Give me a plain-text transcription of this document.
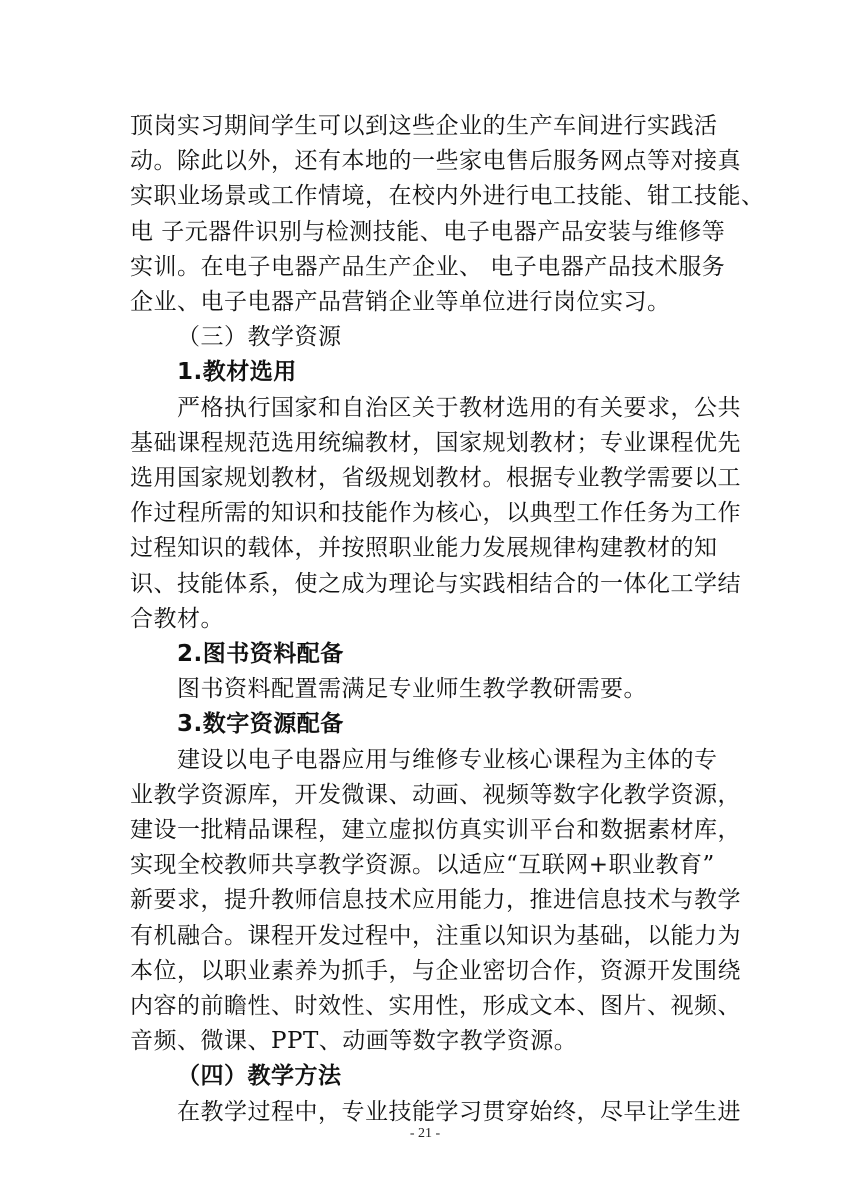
顶岗实习期间学生可以到这些企业的生产车间进行实践活
动。除此以外，还有本地的一些家电售后服务网点等对接真
实职业场景或工作情境，在校内外进行电工技能、钳工技能、
电 子元器件识别与检测技能、电子电器产品安装与维修等
实训。在电子电器产品生产企业、 电子电器产品技术服务
企业、电子电器产品营销企业等单位进行岗位实习。
（三）教学资源
1.教材选用
严格执行国家和自治区关于教材选用的有关要求，公共
基础课程规范选用统编教材，国家规划教材；专业课程优先
选用国家规划教材，省级规划教材。根据专业教学需要以工
作过程所需的知识和技能作为核心，以典型工作任务为工作
过程知识的载体，并按照职业能力发展规律构建教材的知
识、技能体系，使之成为理论与实践相结合的一体化工学结
合教材。
2.图书资料配备
图书资料配置需满足专业师生教学教研需要。
3.数字资源配备
建设以电子电器应用与维修专业核心课程为主体的专
业教学资源库，开发微课、动画、视频等数字化教学资源，
建设一批精品课程，建立虚拟仿真实训平台和数据素材库，
实现全校教师共享教学资源。以适应“互联网+职业教育”
新要求，提升教师信息技术应用能力，推进信息技术与教学
有机融合。课程开发过程中，注重以知识为基础，以能力为
本位，以职业素养为抓手，与企业密切合作，资源开发围绕
内容的前瞻性、时效性、实用性，形成文本、图片、视频、
音频、微课、PPT、动画等数字教学资源。
（四）教学方法
- 21 -
在教学过程中，专业技能学习贯穿始终，尽早让学生进
